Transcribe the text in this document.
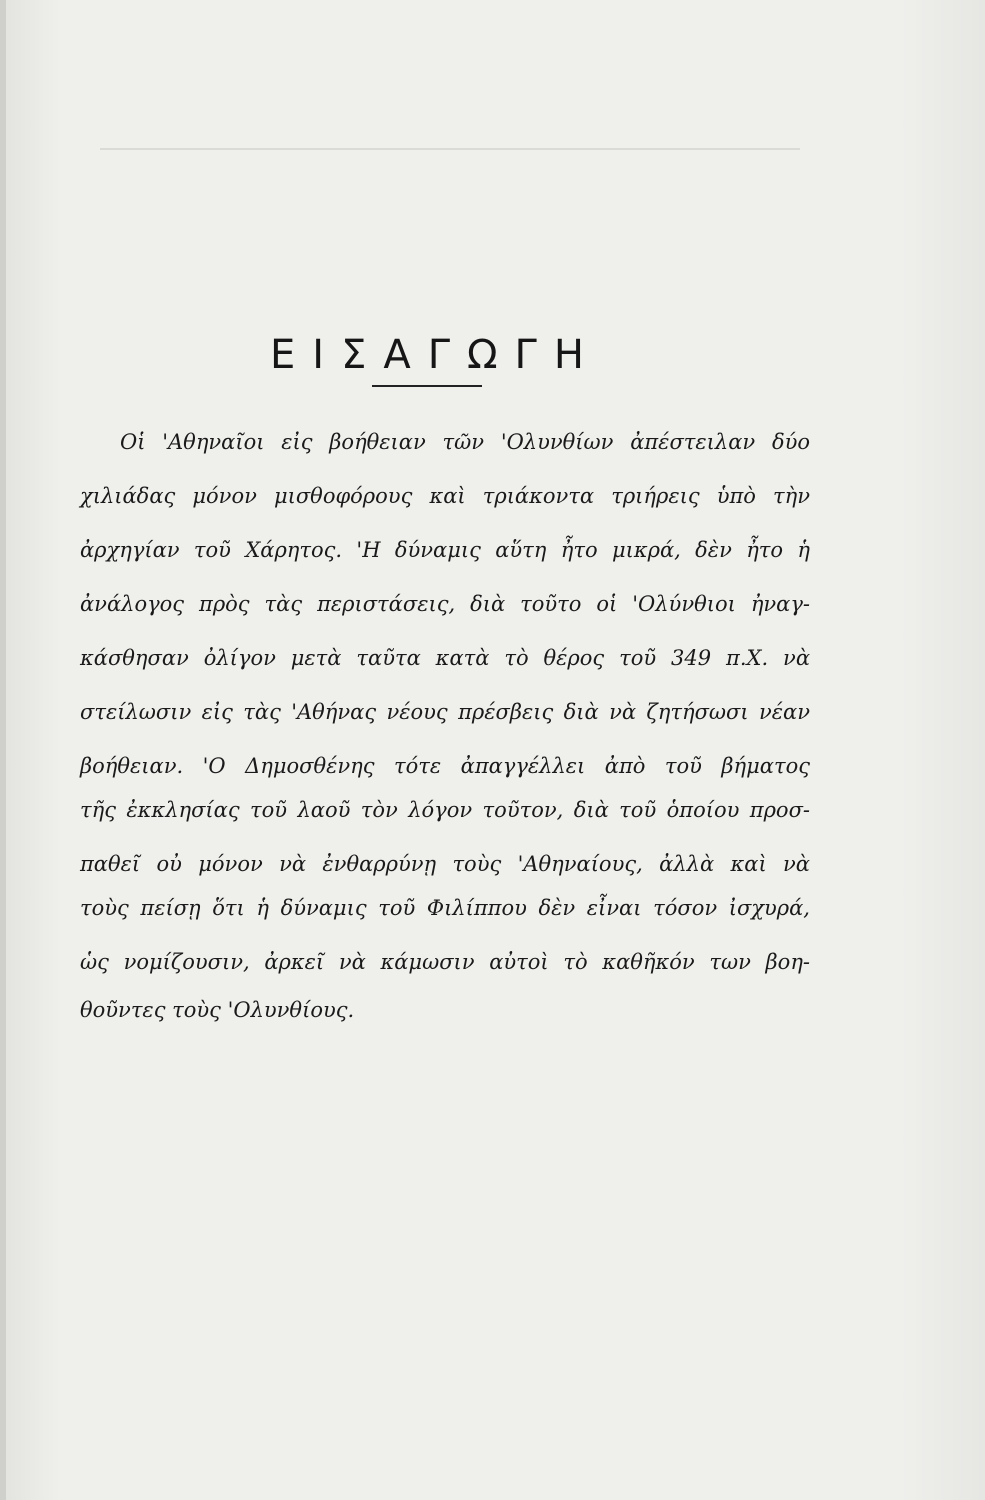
ΕΙΣΑΓΩΓΗ
Οἱ 'Αθηναῖοι εἰς βοήθειαν τῶν 'Ολυνθίων ἀπέστειλαν δύο
χιλιάδας μόνον μισθοφόρους καὶ τριάκοντα τριήρεις ὑπὸ τὴν
ἀρχηγίαν τοῦ Χάρητος. 'Η δύναμις αὕτη ἦτο μικρά, δὲν ἦτο ἡ
ἀνάλογος πρὸς τὰς περιστάσεις, διὰ τοῦτο οἱ 'Ολύνθιοι ἠναγ-
κάσθησαν ὀλίγον μετὰ ταῦτα κατὰ τὸ θέρος τοῦ 349 π.Χ. νὰ
στείλωσιν εἰς τὰς 'Αθήνας νέους πρέσβεις διὰ νὰ ζητήσωσι νέαν
βοήθειαν. 'Ο Δημοσθένης τότε ἀπαγγέλλει ἀπὸ τοῦ βήματος
τῆς ἐκκλησίας τοῦ λαοῦ τὸν λόγον τοῦτον, διὰ τοῦ ὁποίου προσ-
παθεῖ οὐ μόνον νὰ ἐνθαρρύνῃ τοὺς 'Αθηναίους, ἀλλὰ καὶ νὰ
τοὺς πείσῃ ὅτι ἡ δύναμις τοῦ Φιλίππου δὲν εἶναι τόσον ἰσχυρά,
ὡς νομίζουσιν, ἀρκεῖ νὰ κάμωσιν αὐτοὶ τὸ καθῆκόν των βοη-
θοῦντες τοὺς 'Ολυνθίους.
